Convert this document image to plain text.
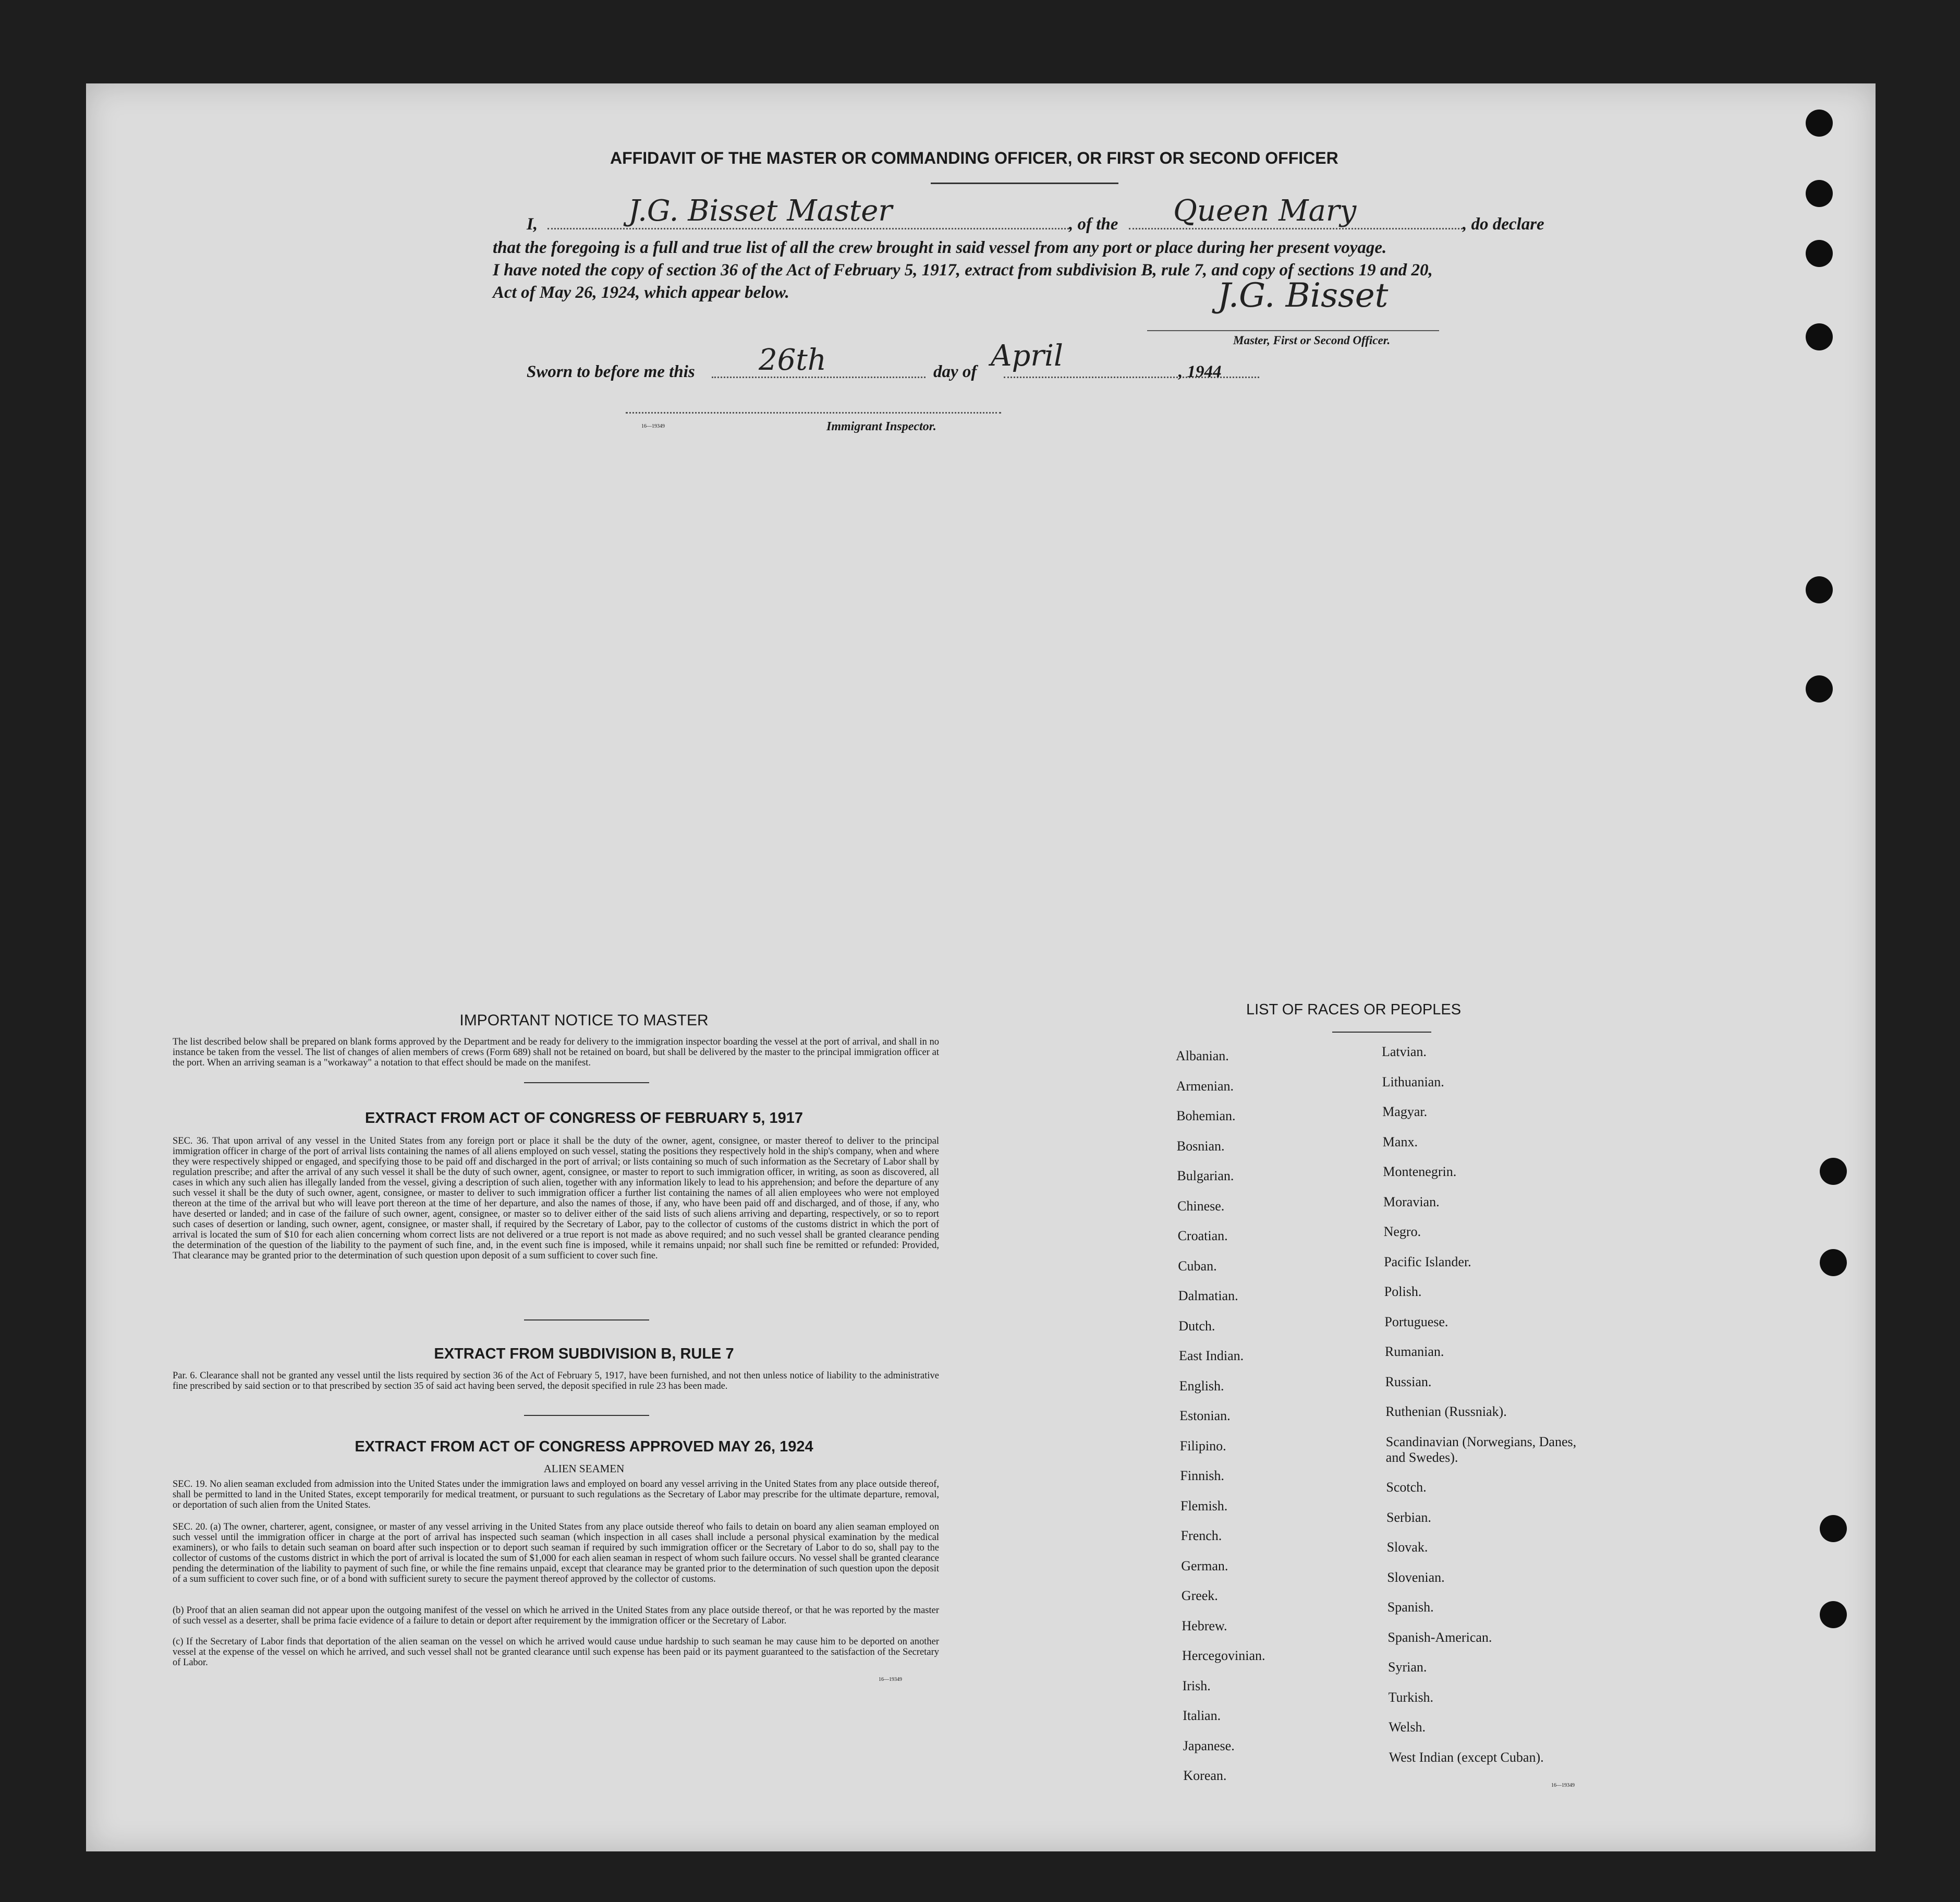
AFFIDAVIT OF THE MASTER OR COMMANDING OFFICER, OR FIRST OR SECOND OFFICER
I,	J.G. Bisset Master	, of the Queen Mary	, do declare
that the foregoing is a full and true list of all the crew brought in said vessel from any port or place during her present voyage.
I have noted the copy of section 36 of the Act of February 5, 1917, extract from subdivision B, rule 7, and copy of sections 19 and 20,
Act of May 26, 1924, which appear below.	J.G. Bisset
Master, First or Second Officer.
Sworn to before me this 26th	day of April	, 1944
16—19349	Immigrant Inspector.
IMPORTANT NOTICE TO MASTER
The list described below shall be prepared on blank forms approved by the Department and be ready for delivery to the immigration inspector boarding the vessel at the port of arrival, and shall in no instance be taken from the vessel. The list of changes of alien members of crews (Form 689) shall not be retained on board, but shall be delivered by the master to the principal immigration officer at the port. When an arriving seaman is a "workaway" a notation to that effect should be made on the manifest.
EXTRACT FROM ACT OF CONGRESS OF FEBRUARY 5, 1917
SEC. 36. That upon arrival of any vessel in the United States from any foreign port or place it shall be the duty of the owner, agent, consignee, or master thereof to deliver to the principal immigration officer in charge of the port of arrival lists containing the names of all aliens employed on such vessel, stating the positions they respectively hold in the ship's company, when and where they were respectively shipped or engaged, and specifying those to be paid off and discharged in the port of arrival; or lists containing so much of such information as the Secretary of Labor shall by regulation prescribe; and after the arrival of any such vessel it shall be the duty of such owner, agent, consignee, or master to report to such immigration officer, in writing, as soon as discovered, all cases in which any such alien has illegally landed from the vessel, giving a description of such alien, together with any information likely to lead to his apprehension; and before the departure of any such vessel it shall be the duty of such owner, agent, consignee, or master to deliver to such immigration officer a further list containing the names of all alien employees who were not employed thereon at the time of the arrival but who will leave port thereon at the time of her departure, and also the names of those, if any, who have been paid off and discharged, and of those, if any, who have deserted or landed; and in case of the failure of such owner, agent, consignee, or master so to deliver either of the said lists of such aliens arriving and departing, respectively, or so to report such cases of desertion or landing, such owner, agent, consignee, or master shall, if required by the Secretary of Labor, pay to the collector of customs of the customs district in which the port of arrival is located the sum of $10 for each alien concerning whom correct lists are not delivered or a true report is not made as above required; and no such vessel shall be granted clearance pending the determination of the question of the liability to the payment of such fine, and, in the event such fine is imposed, while it remains unpaid; nor shall such fine be remitted or refunded: Provided, That clearance may be granted prior to the determination of such question upon deposit of a sum sufficient to cover such fine.
EXTRACT FROM SUBDIVISION B, RULE 7
Par. 6. Clearance shall not be granted any vessel until the lists required by section 36 of the Act of February 5, 1917, have been furnished, and not then unless notice of liability to the administrative fine prescribed by said section or to that prescribed by section 35 of said act having been served, the deposit specified in rule 23 has been made.
EXTRACT FROM ACT OF CONGRESS APPROVED MAY 26, 1924
ALIEN SEAMEN
SEC. 19. No alien seaman excluded from admission into the United States under the immigration laws and employed on board any vessel arriving in the United States from any place outside thereof, shall be permitted to land in the United States, except temporarily for medical treatment, or pursuant to such regulations as the Secretary of Labor may prescribe for the ultimate departure, removal, or deportation of such alien from the United States.
SEC. 20. (a) The owner, charterer, agent, consignee, or master of any vessel arriving in the United States from any place outside thereof who fails to detain on board any alien seaman employed on such vessel until the immigration officer in charge at the port of arrival has inspected such seaman (which inspection in all cases shall include a personal physical examination by the medical examiners), or who fails to detain such seaman on board after such inspection or to deport such seaman if required by such immigration officer or the Secretary of Labor to do so, shall pay to the collector of customs of the customs district in which the port of arrival is located the sum of $1,000 for each alien seaman in respect of whom such failure occurs. No vessel shall be granted clearance pending the determination of the liability to payment of such fine, or while the fine remains unpaid, except that clearance may be granted prior to the determination of such question upon the deposit of a sum sufficient to cover such fine, or of a bond with sufficient surety to secure the payment thereof approved by the collector of customs.
(b) Proof that an alien seaman did not appear upon the outgoing manifest of the vessel on which he arrived in the United States from any place outside thereof, or that he was reported by the master of such vessel as a deserter, shall be prima facie evidence of a failure to detain or deport after requirement by the immigration officer or the Secretary of Labor.
(c) If the Secretary of Labor finds that deportation of the alien seaman on the vessel on which he arrived would cause undue hardship to such seaman he may cause him to be deported on another vessel at the expense of the vessel on which he arrived, and such vessel shall not be granted clearance until such expense has been paid or its payment guaranteed to the satisfaction of the Secretary of Labor.
16—19349
LIST OF RACES OR PEOPLES
16—19349
Albanian.
Armenian.
Bohemian.
Bosnian.
Bulgarian.
Chinese.
Croatian.
Cuban.
Dalmatian.
Dutch.
East Indian.
English.
Estonian.
Filipino.
Finnish.
Flemish.
French.
German.
Greek.
Hebrew.
Hercegovinian.
Irish.
Italian.
Japanese.
Korean.
Latvian.
Lithuanian.
Magyar.
Manx.
Montenegrin.
Moravian.
Negro.
Pacific Islander.
Polish.
Portuguese.
Rumanian.
Russian.
Ruthenian (Russniak).
Scandinavian (Norwegians, Danes, and Swedes).
Scotch.
Serbian.
Slovak.
Slovenian.
Spanish.
Spanish-American.
Syrian.
Turkish.
Welsh.
West Indian (except Cuban).
